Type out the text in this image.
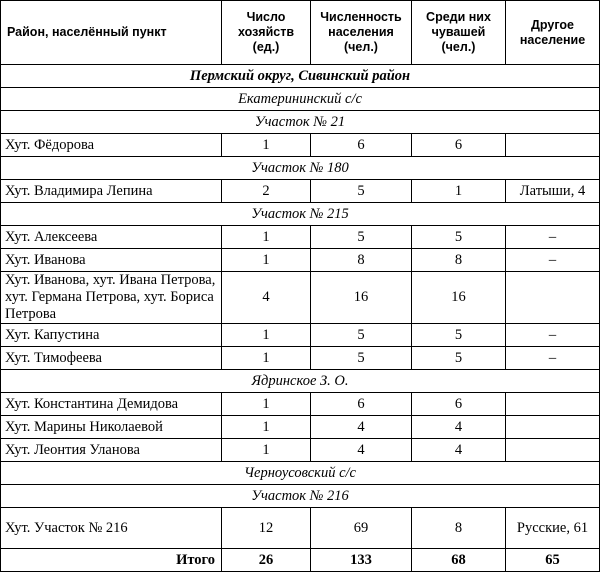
Район, населённый пункт	Число хозяйств (ед.)	Численность населения (чел.)	Среди них чувашей (чел.)	Другое население
Пермский округ, Сивинский район				
Екатерининский с/с				
Участок № 21				
Хут. Фёдорова	1	6	6	
Участок № 180				
Хут. Владимира Лепина	2	5	1	Латыши, 4
Участок № 215				
Хут. Алексеева	1	5	5	–
Хут. Иванова	1	8	8	–
Хут. Иванова, хут. Ивана Петрова, хут. Германа Петрова, хут. Бориса Петрова	4	16	16	
Хут. Капустина	1	5	5	–
Хут. Тимофеева	1	5	5	–
Ядринское З. О.				
Хут. Константина Демидова	1	6	6	
Хут. Марины Николаевой	1	4	4	
Хут. Леонтия Уланова	1	4	4	
Черноусовский с/с				
Участок № 216				
Хут. Участок № 216	12	69	8	Русские, 61
Итого	26	133	68	65
